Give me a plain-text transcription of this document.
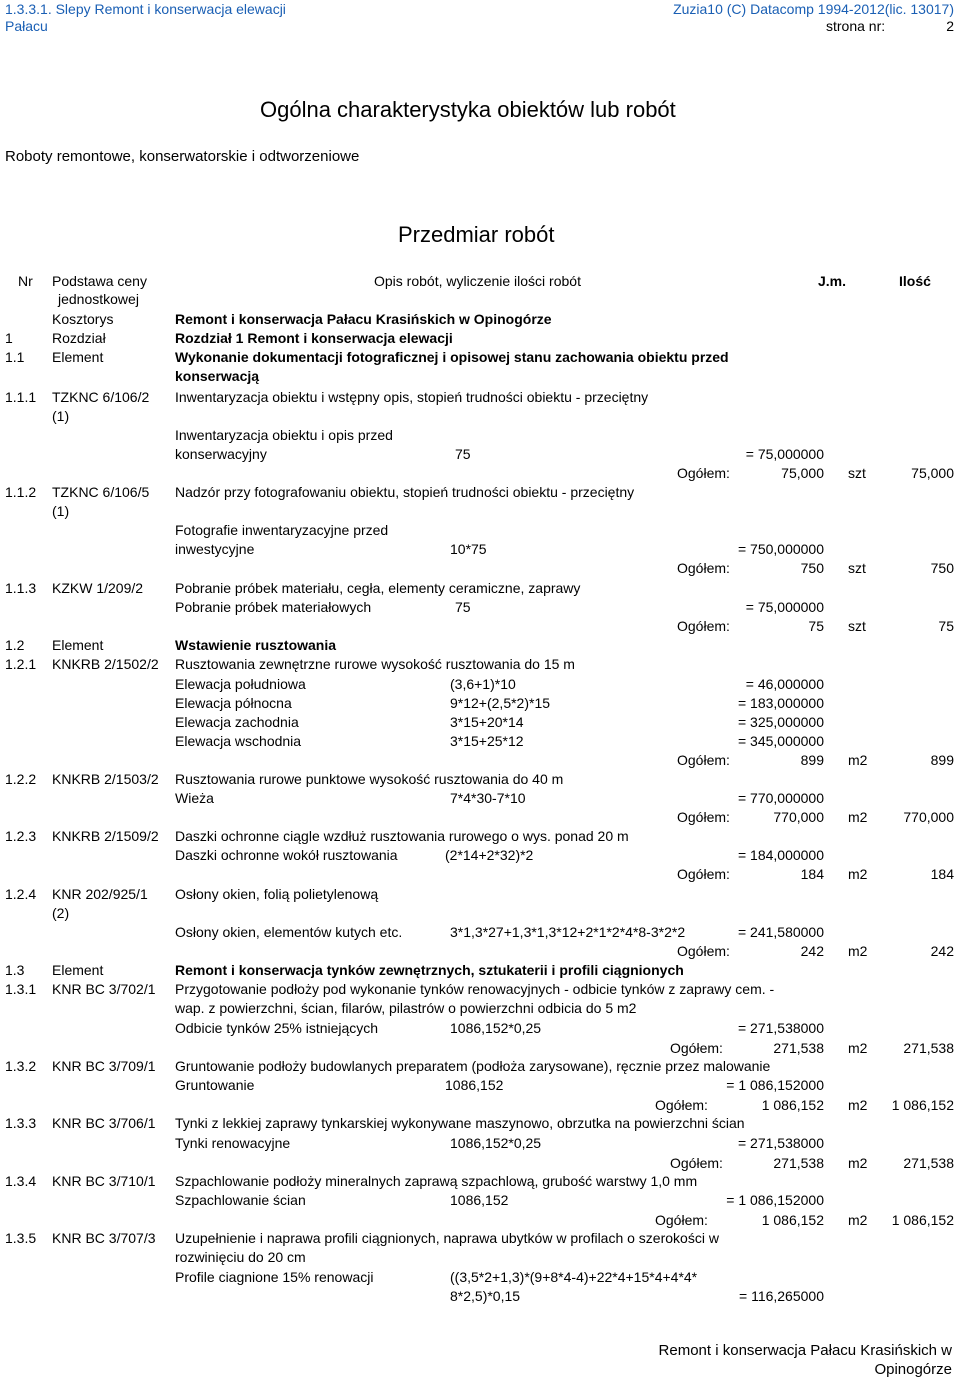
1.3.3.1. Slepy Remont i konserwacja elewacji
Pałacu
Zuzia10 (C) Datacomp 1994-2012(lic. 13017)
strona nr:	2
Ogólna charakterystyka obiektów lub robót
Roboty remontowe, konserwatorskie i odtworzeniowe
Przedmiar robót
Nr Podstawa ceny
jednostkowej
Opis robót, wyliczenie ilości robót	J.m.	Ilość
Kosztorys	Remont i konserwacja Pałacu Krasińskich w Opinogórze
1	Rozdział	Rozdział 1 Remont i konserwacja elewacji
1.1 Element	Wykonanie dokumentacji fotograficznej i opisowej stanu zachowania obiektu przed
konserwacją
1.1.1 TZKNC 6/106/2
(1)
Inwentaryzacja obiektu i wstępny opis, stopień trudności obiektu - przeciętny
Inwentaryzacja obiektu i opis przed
konserwacyjny	75	= 75,000000
Ogółem:	75,000 szt	75,000
1.1.2 TZKNC 6/106/5
(1)
Nadzór przy fotografowaniu obiektu, stopień trudności obiektu - przeciętny
Fotografie inwentaryzacyjne przed
inwestycyjne	10*75	= 750,000000
Ogółem:	750 szt	750
1.1.3 KZKW 1/209/2 Pobranie próbek materiału, cegła, elementy ceramiczne, zaprawy
Pobranie próbek materiałowych	75	= 75,000000
Ogółem:	75 szt	75
1.2 Element	Wstawienie rusztowania
1.2.1 KNKRB 2/1502/2 Rusztowania zewnętrzne rurowe wysokość rusztowania do 15 m
Elewacja południowa	(3,6+1)*10	= 46,000000
Elewacja północna	9*12+(2,5*2)*15	= 183,000000
Elewacja zachodnia	3*15+20*14	= 325,000000
Elewacja wschodnia	3*15+25*12	= 345,000000
Ogółem:	899 m2	899
1.2.2 KNKRB 2/1503/2 Rusztowania rurowe punktowe wysokość rusztowania do 40 m
Wieża	7*4*30-7*10	= 770,000000
Ogółem:	770,000 m2	770,000
1.2.3 KNKRB 2/1509/2 Daszki ochronne ciągle wzdłuż rusztowania rurowego o wys. ponad 20 m
Daszki ochronne wokół rusztowania	(2*14+2*32)*2	= 184,000000
Ogółem:	184 m2	184
1.2.4 KNR 202/925/1
(2)
Osłony okien, folią polietylenową
Osłony okien, elementów kutych etc.	3*1,3*27+1,3*1,3*12+2*1*2*4*8-3*2*2	= 241,580000
Ogółem:	242 m2	242
1.3 Element	Remont i konserwacja tynków zewnętrznych, sztukaterii i profili ciągnionych
1.3.1 KNR BC 3/702/1 Przygotowanie podłoży pod wykonanie tynków renowacyjnych - odbicie tynków z zaprawy cem. -
wap. z powierzchni, ścian, filarów, pilastrów o powierzchni odbicia do 5 m2
Odbicie tynków 25% istniejących	1086,152*0,25	= 271,538000
Ogółem:	271,538 m2	271,538
1.3.2 KNR BC 3/709/1 Gruntowanie podłoży budowlanych preparatem (podłoża zarysowane), ręcznie przez malowanie
Gruntowanie	1086,152	= 1 086,152000
Ogółem:	1 086,152 m2 1 086,152
1.3.3 KNR BC 3/706/1 Tynki z lekkiej zaprawy tynkarskiej wykonywane maszynowo, obrzutka na powierzchni ścian
Tynki renowacyjne	1086,152*0,25	= 271,538000
Ogółem:	271,538 m2	271,538
1.3.4 KNR BC 3/710/1 Szpachlowanie podłoży mineralnych zaprawą szpachlową, grubość warstwy 1,0 mm
Szpachlowanie ścian	1086,152	= 1 086,152000
Ogółem:	1 086,152 m2 1 086,152
1.3.5 KNR BC 3/707/3 Uzupełnienie i naprawa profili ciągnionych, naprawa ubytków w profilach o szerokości w
rozwinięciu do 20 cm
Profile ciagnione 15% renowacji	((3,5*2+1,3)*(9+8*4-4)+22*4+15*4+4*4*
8*2,5)*0,15	= 116,265000
Remont i konserwacja Pałacu Krasińskich w
Opinogórze
